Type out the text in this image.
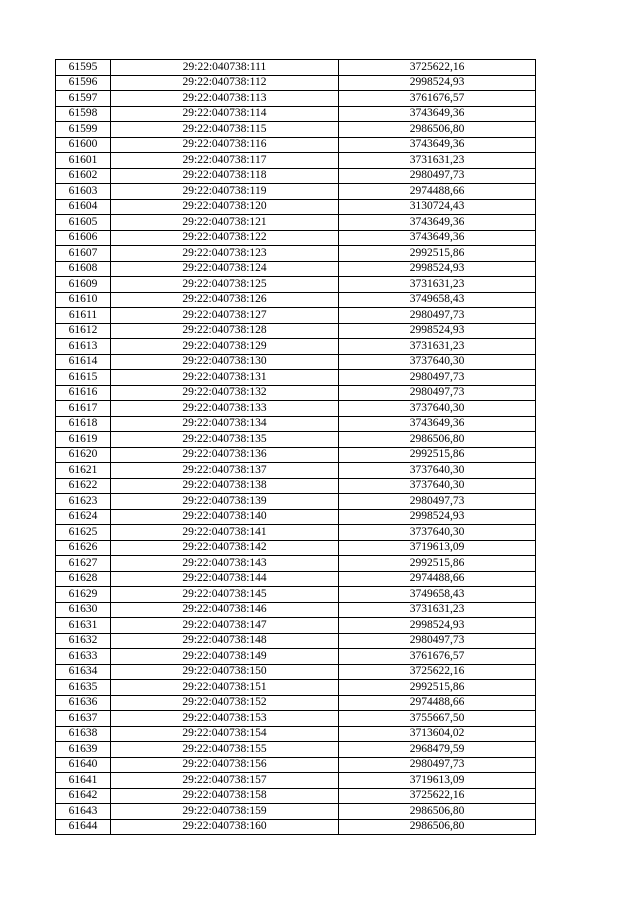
61595	29:22:040738:111	3725622,16
61596	29:22:040738:112	2998524,93
61597	29:22:040738:113	3761676,57
61598	29:22:040738:114	3743649,36
61599	29:22:040738:115	2986506,80
61600	29:22:040738:116	3743649,36
61601	29:22:040738:117	3731631,23
61602	29:22:040738:118	2980497,73
61603	29:22:040738:119	2974488,66
61604	29:22:040738:120	3130724,43
61605	29:22:040738:121	3743649,36
61606	29:22:040738:122	3743649,36
61607	29:22:040738:123	2992515,86
61608	29:22:040738:124	2998524,93
61609	29:22:040738:125	3731631,23
61610	29:22:040738:126	3749658,43
61611	29:22:040738:127	2980497,73
61612	29:22:040738:128	2998524,93
61613	29:22:040738:129	3731631,23
61614	29:22:040738:130	3737640,30
61615	29:22:040738:131	2980497,73
61616	29:22:040738:132	2980497,73
61617	29:22:040738:133	3737640,30
61618	29:22:040738:134	3743649,36
61619	29:22:040738:135	2986506,80
61620	29:22:040738:136	2992515,86
61621	29:22:040738:137	3737640,30
61622	29:22:040738:138	3737640,30
61623	29:22:040738:139	2980497,73
61624	29:22:040738:140	2998524,93
61625	29:22:040738:141	3737640,30
61626	29:22:040738:142	3719613,09
61627	29:22:040738:143	2992515,86
61628	29:22:040738:144	2974488,66
61629	29:22:040738:145	3749658,43
61630	29:22:040738:146	3731631,23
61631	29:22:040738:147	2998524,93
61632	29:22:040738:148	2980497,73
61633	29:22:040738:149	3761676,57
61634	29:22:040738:150	3725622,16
61635	29:22:040738:151	2992515,86
61636	29:22:040738:152	2974488,66
61637	29:22:040738:153	3755667,50
61638	29:22:040738:154	3713604,02
61639	29:22:040738:155	2968479,59
61640	29:22:040738:156	2980497,73
61641	29:22:040738:157	3719613,09
61642	29:22:040738:158	3725622,16
61643	29:22:040738:159	2986506,80
61644	29:22:040738:160	2986506,80
